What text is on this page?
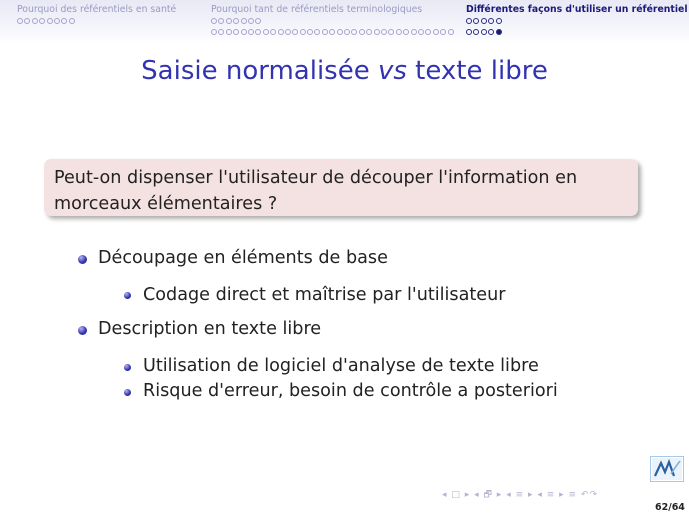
Pourquoi des référentiels en santé	Pourquoi tant de référentiels terminologiques	Différentes façons d'utiliser un référentiel
Saisie normalisée vs texte libre
Peut-on dispenser l'utilisateur de découper l'information en
morceaux élémentaires ?
Découpage en éléments de base
Codage direct et maîtrise par l'utilisateur
Description en texte libre
Utilisation de logiciel d'analyse de texte libre
Risque d'erreur, besoin de contrôle a posteriori
◂ □ ▸ ◂ 🗗 ▸ ◂ ≡ ▸ ◂ ≡ ▸ ≡ ↶↷
62/64
